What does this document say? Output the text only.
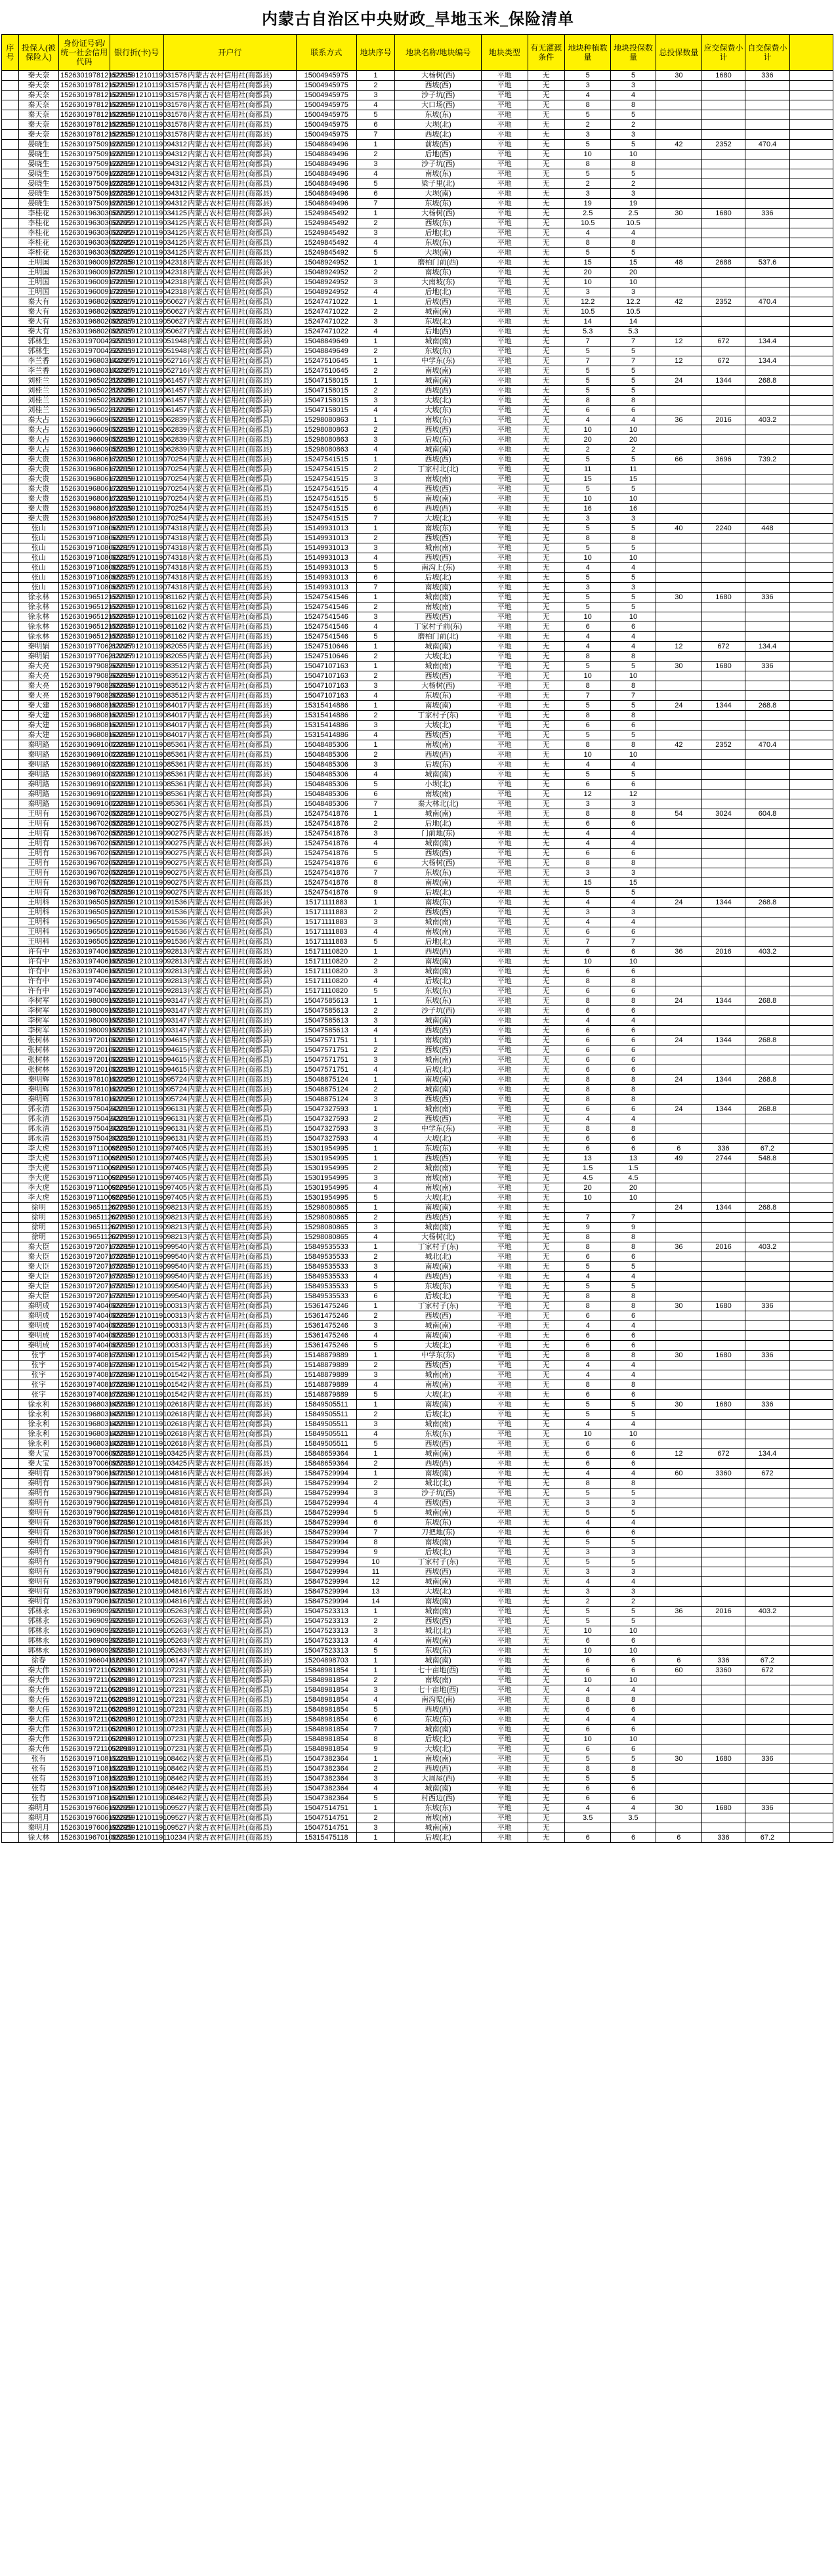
内蒙古自治区中央财政_旱地玉米_保险清单
序号	投保人(被保险人)	身份证号码/统一社会信用代码	银行折(卡)号	开户行	联系方式	地块序号	地块名称/地块编号	地块类型	有无灌溉条件	地块种植数量	地块投保数量	总投保数量	应交保费小计	自交保费小计	
	秦天奈	152630197812152815	6229591210119031578	内蒙古农村信用社(商都县)	15004945975	1	大杨树(西)	平地	无	5	5	30	1680	336	
	秦天奈	152630197812152815	6229591210119031578	内蒙古农村信用社(商都县)	15004945975	2	西坡(西)	平地	无	3	3				
	秦天奈	152630197812152815	6229591210119031578	内蒙古农村信用社(商都县)	15004945975	3	沙子坑(西)	平地	无	4	4				
	秦天奈	152630197812152815	6229591210119031578	内蒙古农村信用社(商都县)	15004945975	4	大口场(西)	平地	无	8	8				
	秦天奈	152630197812152815	6229591210119031578	内蒙古农村信用社(商都县)	15004945975	5	东坡(东)	平地	无	5	5				
	秦天奈	152630197812152815	6229591210119031578	内蒙古农村信用社(商都县)	15004945975	6	大坝(北)	平地	无	2	2				
	秦天奈	152630197812152815	6229591210119031578	内蒙古农村信用社(商都县)	15004945975	7	西坡(北)	平地	无	3	3				
	晏晓生	152630197509126013	6229591210119094312	内蒙古农村信用社(商都县)	15048849496	1	前坡(西)	平地	无	5	5	42	2352	470.4	
	晏晓生	152630197509126013	6229591210119094312	内蒙古农村信用社(商都县)	15048849496	2	后地(西)	平地	无	10	10				
	晏晓生	152630197509126013	6229591210119094312	内蒙古农村信用社(商都县)	15048849496	3	沙子坑(西)	平地	无	8	8				
	晏晓生	152630197509126013	6229591210119094312	内蒙古农村信用社(商都县)	15048849496	4	南坡(东)	平地	无	5	5				
	晏晓生	152630197509126013	6229591210119094312	内蒙古农村信用社(商都县)	15048849496	5	梁子里(北)	平地	无	2	2				
	晏晓生	152630197509126013	6229591210119094312	内蒙古农村信用社(商都县)	15048849496	6	大坝(南)	平地	无	3	3				
	晏晓生	152630197509126013	6229591210119094312	内蒙古农村信用社(商都县)	15048849496	7	东坡(东)	平地	无	19	19				
	李桂花	152630196303056022	6229591210119034125	内蒙古农村信用社(商都县)	15249845492	1	大杨树(西)	平地	无	2.5	2.5	30	1680	336	
	李桂花	152630196303056022	6229591210119034125	内蒙古农村信用社(商都县)	15249845492	2	西坡(东)	平地	无	10.5	10.5				
	李桂花	152630196303056022	6229591210119034125	内蒙古农村信用社(商都县)	15249845492	3	后地(北)	平地	无	4	4				
	李桂花	152630196303056022	6229591210119034125	内蒙古农村信用社(商都县)	15249845492	4	东坡(东)	平地	无	8	8				
	李桂花	152630196303056022	6229591210119034125	内蒙古农村信用社(商都县)	15249845492	5	大坝(南)	平地	无	5	5				
	王明国	152630196009172015	6229591210119042318	内蒙古农村信用社(商都县)	15048924952	1	磨柏门前(西)	平地	无	15	15	48	2688	537.6	
	王明国	152630196009172015	6229591210119042318	内蒙古农村信用社(商都县)	15048924952	2	南坡(东)	平地	无	20	20				
	王明国	152630196009172015	6229591210119042318	内蒙古农村信用社(商都县)	15048924952	3	大南坡(东)	平地	无	10	10				
	王明国	152630196009172015	6229591210119042318	内蒙古农村信用社(商都县)	15048924952	4	后地(北)	平地	无	3	3				
	秦大有	152630196802098017	6229591210119050627	内蒙古农村信用社(商都县)	15247471022	1	后坡(西)	平地	无	12.2	12.2	42	2352	470.4	
	秦大有	152630196802098017	6229591210119050627	内蒙古农村信用社(商都县)	15247471022	2	城南(南)	平地	无	10.5	10.5				
	秦大有	152630196802098017	6229591210119050627	内蒙古农村信用社(商都县)	15247471022	3	东坡(北)	平地	无	14	14				
	秦大有	152630196802098017	6229591210119050627	内蒙古农村信用社(商都县)	15247471022	4	后地(西)	平地	无	5.3	5.3				
	郭林生	152630197004235011	6229591210119051948	内蒙古农村信用社(商都县)	15048849649	1	城南(南)	平地	无	7	7	12	672	134.4	
	郭林生	152630197004235011	6229591210119051948	内蒙古农村信用社(商都县)	15048849649	2	东坡(东)	平地	无	5	5				
	李兰香	152630196803144027	6229591210119052716	内蒙古农村信用社(商都县)	15247510645	1	中学东(东)	平地	无	7	7	12	672	134.4	
	李兰香	152630196803144027	6229591210119052716	内蒙古农村信用社(商都县)	15247510645	2	南坡(南)	平地	无	5	5				
	刘桂兰	152630196502216026	6229591210119061457	内蒙古农村信用社(商都县)	15047158015	1	城南(南)	平地	无	5	5	24	1344	268.8	
	刘桂兰	152630196502216026	6229591210119061457	内蒙古农村信用社(商都县)	15047158015	2	西坡(西)	平地	无	5	5				
	刘桂兰	152630196502216026	6229591210119061457	内蒙古农村信用社(商都县)	15047158015	3	大坡(北)	平地	无	8	8				
	刘桂兰	152630196502216026	6229591210119061457	内蒙古农村信用社(商都县)	15047158015	4	大坡(东)	平地	无	6	6				
	秦大占	152630196609055018	6229591210119062839	内蒙古农村信用社(商都县)	15298080863	1	南坡(东)	平地	无	4	4	36	2016	403.2	
	秦大占	152630196609055018	6229591210119062839	内蒙古农村信用社(商都县)	15298080863	2	西坡(西)	平地	无	10	10				
	秦大占	152630196609055018	6229591210119062839	内蒙古农村信用社(商都县)	15298080863	3	后坡(东)	平地	无	20	20				
	秦大占	152630196609055018	6229591210119062839	内蒙古农村信用社(商都县)	15298080863	4	城南(南)	平地	无	2	2				
	秦大贵	152630196806173019	6229591210119070254	内蒙古农村信用社(商都县)	15247541515	1	西坡(西)	平地	无	5	5	66	3696	739.2	
	秦大贵	152630196806173019	6229591210119070254	内蒙古农村信用社(商都县)	15247541515	2	丁家村北(北)	平地	无	11	11				
	秦大贵	152630196806173019	6229591210119070254	内蒙古农村信用社(商都县)	15247541515	3	南坡(南)	平地	无	15	15				
	秦大贵	152630196806173019	6229591210119070254	内蒙古农村信用社(商都县)	15247541515	4	西坡(西)	平地	无	5	5				
	秦大贵	152630196806173019	6229591210119070254	内蒙古农村信用社(商都县)	15247541515	5	南坡(南)	平地	无	10	10				
	秦大贵	152630196806173019	6229591210119070254	内蒙古农村信用社(商都县)	15247541515	6	西坡(西)	平地	无	16	16				
	秦大贵	152630196806173019	6229591210119070254	内蒙古农村信用社(商都县)	15247541515	7	大坡(北)	平地	无	3	3				
	张山	152630197108065017	6229591210119074318	内蒙古农村信用社(商都县)	15149931013	1	南坡(东)	平地	无	5	5	40	2240	448	
	张山	152630197108065017	6229591210119074318	内蒙古农村信用社(商都县)	15149931013	2	西坡(西)	平地	无	8	8				
	张山	152630197108065017	6229591210119074318	内蒙古农村信用社(商都县)	15149931013	3	城南(南)	平地	无	5	5				
	张山	152630197108065017	6229591210119074318	内蒙古农村信用社(商都县)	15149931013	4	西坡(西)	平地	无	10	10				
	张山	152630197108065017	6229591210119074318	内蒙古农村信用社(商都县)	15149931013	5	南沟上(东)	平地	无	4	4				
	张山	152630197108065017	6229591210119074318	内蒙古农村信用社(商都县)	15149931013	6	后坡(北)	平地	无	5	5				
	张山	152630197108065017	6229591210119074318	内蒙古农村信用社(商都县)	15149931013	7	南坡(南)	平地	无	3	3				
	徐永林	152630196512155010	6229591210119081162	内蒙古农村信用社(商都县)	15247541546	1	城南(南)	平地	无	5	5	30	1680	336	
	徐永林	152630196512155010	6229591210119081162	内蒙古农村信用社(商都县)	15247541546	2	南坡(南)	平地	无	5	5				
	徐永林	152630196512155010	6229591210119081162	内蒙古农村信用社(商都县)	15247541546	3	西坡(西)	平地	无	10	10				
	徐永林	152630196512155010	6229591210119081162	内蒙古农村信用社(商都县)	15247541546	4	丁家村子前(东)	平地	无	6	6				
	徐永林	152630196512155010	6229591210119081162	内蒙古农村信用社(商都县)	15247541546	5	磨柏门前(北)	平地	无	4	4				
	秦明娟	152630197706213027	6229591210119082055	内蒙古农村信用社(商都县)	15247510646	1	城南(南)	平地	无	4	4	12	672	134.4	
	秦明娟	152630197706213027	6229591210119082055	内蒙古农村信用社(商都县)	15247510646	2	大坡(北)	平地	无	8	8				
	秦大亮	152630197908265019	6229591210119083512	内蒙古农村信用社(商都县)	15047107163	1	城南(南)	平地	无	5	5	30	1680	336	
	秦大亮	152630197908265019	6229591210119083512	内蒙古农村信用社(商都县)	15047107163	2	西坡(西)	平地	无	10	10				
	秦大亮	152630197908265019	6229591210119083512	内蒙古农村信用社(商都县)	15047107163	3	大杨树(西)	平地	无	8	8				
	秦大亮	152630197908265019	6229591210119083512	内蒙古农村信用社(商都县)	15047107163	4	东坡(东)	平地	无	7	7				
	秦大建	152630196808163015	6229591210119084017	内蒙古农村信用社(商都县)	15315414886	1	南坡(南)	平地	无	5	5	24	1344	268.8	
	秦大建	152630196808163015	6229591210119084017	内蒙古农村信用社(商都县)	15315414886	2	丁家村子(东)	平地	无	8	8				
	秦大建	152630196808163015	6229591210119084017	内蒙古农村信用社(商都县)	15315414886	3	大坡(北)	平地	无	6	6				
	秦大建	152630196808163015	6229591210119084017	内蒙古农村信用社(商都县)	15315414886	4	西坡(西)	平地	无	5	5				
	秦明路	152630196910023018	6229591210119085361	内蒙古农村信用社(商都县)	15048485306	1	南坡(南)	平地	无	8	8	42	2352	470.4	
	秦明路	152630196910023018	6229591210119085361	内蒙古农村信用社(商都县)	15048485306	2	西坡(西)	平地	无	10	10				
	秦明路	152630196910023018	6229591210119085361	内蒙古农村信用社(商都县)	15048485306	3	后坡(东)	平地	无	4	4				
	秦明路	152630196910023018	6229591210119085361	内蒙古农村信用社(商都县)	15048485306	4	城南(南)	平地	无	5	5				
	秦明路	152630196910023018	6229591210119085361	内蒙古农村信用社(商都县)	15048485306	5	小坝(北)	平地	无	6	6				
	秦明路	152630196910023018	6229591210119085361	内蒙古农村信用社(商都县)	15048485306	6	南坡(南)	平地	无	12	12				
	秦明路	152630196910023018	6229591210119085361	内蒙古农村信用社(商都县)	15048485306	7	秦大林北(北)	平地	无	3	3				
	王明有	152630196702055013	6229591210119090275	内蒙古农村信用社(商都县)	15247541876	1	城南(南)	平地	无	8	8	54	3024	604.8	
	王明有	152630196702055013	6229591210119090275	内蒙古农村信用社(商都县)	15247541876	2	后地(北)	平地	无	6	6				
	王明有	152630196702055013	6229591210119090275	内蒙古农村信用社(商都县)	15247541876	3	门前地(东)	平地	无	4	4				
	王明有	152630196702055013	6229591210119090275	内蒙古农村信用社(商都县)	15247541876	4	城南(南)	平地	无	4	4				
	王明有	152630196702055013	6229591210119090275	内蒙古农村信用社(商都县)	15247541876	5	西坡(西)	平地	无	6	6				
	王明有	152630196702055013	6229591210119090275	内蒙古农村信用社(商都县)	15247541876	6	大杨树(西)	平地	无	8	8				
	王明有	152630196702055013	6229591210119090275	内蒙古农村信用社(商都县)	15247541876	7	东坡(东)	平地	无	3	3				
	王明有	152630196702055013	6229591210119090275	内蒙古农村信用社(商都县)	15247541876	8	南坡(南)	平地	无	15	15				
	王明有	152630196702055013	6229591210119090275	内蒙古农村信用社(商都县)	15247541876	9	后坡(北)	平地	无	5	5				
	王明科	152630196505125013	6229591210119091536	内蒙古农村信用社(商都县)	15171111883	1	南坡(东)	平地	无	4	4	24	1344	268.8	
	王明科	152630196505125013	6229591210119091536	内蒙古农村信用社(商都县)	15171111883	2	西坡(西)	平地	无	3	3				
	王明科	152630196505125013	6229591210119091536	内蒙古农村信用社(商都县)	15171111883	3	城南(南)	平地	无	4	4				
	王明科	152630196505125013	6229591210119091536	内蒙古农村信用社(商都县)	15171111883	4	南坡(南)	平地	无	6	6				
	王明科	152630196505125013	6229591210119091536	内蒙古农村信用社(商都县)	15171111883	5	后地(北)	平地	无	7	7				
	许有中	152630197406185013	6229591210119092813	内蒙古农村信用社(商都县)	15171110820	1	西坡(西)	平地	无	6	6	36	2016	403.2	
	许有中	152630197406185013	6229591210119092813	内蒙古农村信用社(商都县)	15171110820	2	南坡(南)	平地	无	10	10				
	许有中	152630197406185013	6229591210119092813	内蒙古农村信用社(商都县)	15171110820	3	城南(南)	平地	无	6	6				
	许有中	152630197406185013	6229591210119092813	内蒙古农村信用社(商都县)	15171110820	4	后坡(北)	平地	无	8	8				
	许有中	152630197406185013	6229591210119092813	内蒙古农村信用社(商都县)	15171110820	5	东坡(东)	平地	无	6	6				
	李树军	152630198009195010	6229591210119093147	内蒙古农村信用社(商都县)	15047585613	1	东坡(东)	平地	无	8	8	24	1344	268.8	
	李树军	152630198009195010	6229591210119093147	内蒙古农村信用社(商都县)	15047585613	2	沙子坑(西)	平地	无	6	6				
	李树军	152630198009195010	6229591210119093147	内蒙古农村信用社(商都县)	15047585613	3	城南(南)	平地	无	4	4				
	李树军	152630198009195010	6229591210119093147	内蒙古农村信用社(商都县)	15047585613	4	西坡(西)	平地	无	6	6				
	张树林	152630197201083016	6229591210119094615	内蒙古农村信用社(商都县)	15047571751	1	南坡(南)	平地	无	6	6	24	1344	268.8	
	张树林	152630197201083016	6229591210119094615	内蒙古农村信用社(商都县)	15047571751	2	西坡(西)	平地	无	6	6				
	张树林	152630197201083016	6229591210119094615	内蒙古农村信用社(商都县)	15047571751	3	城南(南)	平地	无	6	6				
	张树林	152630197201083016	6229591210119094615	内蒙古农村信用社(商都县)	15047571751	4	后坡(北)	平地	无	6	6				
	秦明辉	152630197810183023	6229591210119095724	内蒙古农村信用社(商都县)	15048875124	1	南坡(南)	平地	无	8	8	24	1344	268.8	
	秦明辉	152630197810183023	6229591210119095724	内蒙古农村信用社(商都县)	15048875124	2	城南(南)	平地	无	8	8				
	秦明辉	152630197810183023	6229591210119095724	内蒙古农村信用社(商都县)	15048875124	3	西坡(西)	平地	无	8	8				
	郭永清	152630197504243013	6229591210119096131	内蒙古农村信用社(商都县)	15047327593	1	城南(南)	平地	无	6	6	24	1344	268.8	
	郭永清	152630197504243013	6229591210119096131	内蒙古农村信用社(商都县)	15047327593	2	西坡(西)	平地	无	4	4				
	郭永清	152630197504243013	6229591210119096131	内蒙古农村信用社(商都县)	15047327593	3	中学东(东)	平地	无	8	8				
	郭永清	152630197504243013	6229591210119096131	内蒙古农村信用社(商都县)	15047327593	4	大坡(北)	平地	无	6	6				
	李大虎	152630197110095015	6229591210119097405	内蒙古农村信用社(商都县)	15301954995	1	东坡(东)	平地	无	6	6	6	336	67.2	
	李大虎	152630197110095015	6229591210119097405	内蒙古农村信用社(商都县)	15301954995	1	西坡(西)	平地	无	13	13	49	2744	548.8	
	李大虎	152630197110095015	6229591210119097405	内蒙古农村信用社(商都县)	15301954995	2	城南(南)	平地	无	1.5	1.5				
	李大虎	152630197110095015	6229591210119097405	内蒙古农村信用社(商都县)	15301954995	3	南坡(南)	平地	无	4.5	4.5				
	李大虎	152630197110095015	6229591210119097405	内蒙古农村信用社(商都县)	15301954995	4	南坡(南)	平地	无	20	20				
	李大虎	152630197110095015	6229591210119097405	内蒙古农村信用社(商都县)	15301954995	5	大坡(北)	平地	无	10	10				
	徐明	152630196511207013	6229591210119098213	内蒙古农村信用社(商都县)	15298080865	1	南坡(南)	平地	无			24	1344	268.8	
	徐明	152630196511207013	6229591210119098213	内蒙古农村信用社(商都县)	15298080865	2	西坡(西)	平地	无	7	7				
	徐明	152630196511207013	6229591210119098213	内蒙古农村信用社(商都县)	15298080865	3	城南(南)	平地	无	9	9				
	徐明	152630196511207013	6229591210119098213	内蒙古农村信用社(商都县)	15298080865	4	大杨树(北)	平地	无	8	8				
	秦大臣	152630197207175015	6229591210119099540	内蒙古农村信用社(商都县)	15849535533	1	丁家村子(东)	平地	无	8	8	36	2016	403.2	
	秦大臣	152630197207175015	6229591210119099540	内蒙古农村信用社(商都县)	15849535533	2	城北(北)	平地	无	6	6				
	秦大臣	152630197207175015	6229591210119099540	内蒙古农村信用社(商都县)	15849535533	3	南坡(南)	平地	无	5	5				
	秦大臣	152630197207175015	6229591210119099540	内蒙古农村信用社(商都县)	15849535533	4	西坡(西)	平地	无	4	4				
	秦大臣	152630197207175015	6229591210119099540	内蒙古农村信用社(商都县)	15849535533	5	东坡(东)	平地	无	5	5				
	秦大臣	152630197207175015	6229591210119099540	内蒙古农村信用社(商都县)	15849535533	6	后坡(北)	平地	无	8	8				
	秦明成	152630197404085013	6229591210119100313	内蒙古农村信用社(商都县)	15361475246	1	丁家村子(东)	平地	无	8	8	30	1680	336	
	秦明成	152630197404085013	6229591210119100313	内蒙古农村信用社(商都县)	15361475246	2	西坡(西)	平地	无	6	6				
	秦明成	152630197404085013	6229591210119100313	内蒙古农村信用社(商都县)	15361475246	3	城南(南)	平地	无	4	4				
	秦明成	152630197404085013	6229591210119100313	内蒙古农村信用社(商都县)	15361475246	4	南坡(南)	平地	无	6	6				
	秦明成	152630197404085013	6229591210119100313	内蒙古农村信用社(商都县)	15361475246	5	大坡(北)	平地	无	6	6				
	张宇	152630197408175014	6229591210119101542	内蒙古农村信用社(商都县)	15148879889	1	中学东(东)	平地	无	8	8	30	1680	336	
	张宇	152630197408175014	6229591210119101542	内蒙古农村信用社(商都县)	15148879889	2	西坡(西)	平地	无	4	4				
	张宇	152630197408175014	6229591210119101542	内蒙古农村信用社(商都县)	15148879889	3	城南(南)	平地	无	4	4				
	张宇	152630197408175014	6229591210119101542	内蒙古农村信用社(商都县)	15148879889	4	南坡(南)	平地	无	8	8				
	张宇	152630197408175014	6229591210119101542	内蒙古农村信用社(商都县)	15148879889	5	大坡(北)	平地	无	6	6				
	徐永利	152630196803145016	6229591210119102618	内蒙古农村信用社(商都县)	15849505511	1	南坡(南)	平地	无	5	5	30	1680	336	
	徐永利	152630196803145016	6229591210119102618	内蒙古农村信用社(商都县)	15849505511	2	后坡(北)	平地	无	5	5				
	徐永利	152630196803145016	6229591210119102618	内蒙古农村信用社(商都县)	15849505511	3	城南(南)	平地	无	4	4				
	徐永利	152630196803145016	6229591210119102618	内蒙古农村信用社(商都县)	15849505511	4	东坡(东)	平地	无	10	10				
	徐永利	152630196803145016	6229591210119102618	内蒙古农村信用社(商都县)	15849505511	5	西坡(西)	平地	无	6	6				
	秦大宝	152630197006095010	6229591210119103425	内蒙古农村信用社(商都县)	15848659364	1	城南(南)	平地	无	6	6	12	672	134.4	
	秦大宝	152630197006095010	6229591210119103425	内蒙古农村信用社(商都县)	15848659364	2	西坡(西)	平地	无	6	6				
	秦明有	152630197906107019	6229591210119104816	内蒙古农村信用社(商都县)	15847529994	1	南坡(南)	平地	无	4	4	60	3360	672	
	秦明有	152630197906107019	6229591210119104816	内蒙古农村信用社(商都县)	15847529994	2	城北(北)	平地	无	8	8				
	秦明有	152630197906107019	6229591210119104816	内蒙古农村信用社(商都县)	15847529994	3	沙子坑(西)	平地	无	5	5				
	秦明有	152630197906107019	6229591210119104816	内蒙古农村信用社(商都县)	15847529994	4	西坡(西)	平地	无	3	3				
	秦明有	152630197906107019	6229591210119104816	内蒙古农村信用社(商都县)	15847529994	5	城南(南)	平地	无	5	5				
	秦明有	152630197906107019	6229591210119104816	内蒙古农村信用社(商都县)	15847529994	6	东坡(东)	平地	无	4	4				
	秦明有	152630197906107019	6229591210119104816	内蒙古农村信用社(商都县)	15847529994	7	刀把地(东)	平地	无	6	6				
	秦明有	152630197906107019	6229591210119104816	内蒙古农村信用社(商都县)	15847529994	8	南坡(南)	平地	无	5	5				
	秦明有	152630197906107019	6229591210119104816	内蒙古农村信用社(商都县)	15847529994	9	后坡(北)	平地	无	3	3				
	秦明有	152630197906107019	6229591210119104816	内蒙古农村信用社(商都县)	15847529994	10	丁家村子(东)	平地	无	5	5				
	秦明有	152630197906107019	6229591210119104816	内蒙古农村信用社(商都县)	15847529994	11	西坡(西)	平地	无	3	3				
	秦明有	152630197906107019	6229591210119104816	内蒙古农村信用社(商都县)	15847529994	12	城南(南)	平地	无	4	4				
	秦明有	152630197906107019	6229591210119104816	内蒙古农村信用社(商都县)	15847529994	13	大坡(北)	平地	无	3	3				
	秦明有	152630197906107019	6229591210119104816	内蒙古农村信用社(商都县)	15847529994	14	南坡(南)	平地	无	2	2				
	郭林永	152630196909205010	6229591210119105263	内蒙古农村信用社(商都县)	15047523313	1	城南(南)	平地	无	5	5	36	2016	403.2	
	郭林永	152630196909205010	6229591210119105263	内蒙古农村信用社(商都县)	15047523313	2	西坡(西)	平地	无	5	5				
	郭林永	152630196909205010	6229591210119105263	内蒙古农村信用社(商都县)	15047523313	3	城北(北)	平地	无	10	10				
	郭林永	152630196909205010	6229591210119105263	内蒙古农村信用社(商都县)	15047523313	4	南坡(南)	平地	无	6	6				
	郭林永	152630196909205010	6229591210119105263	内蒙古农村信用社(商都县)	15047523313	5	东坡(东)	平地	无	10	10				
	徐春	152630196604116013	6229591210119106147	内蒙古农村信用社(商都县)	15204898703	1	城南(南)	平地	无	6	6	6	336	67.2	
	秦大伟	152630197211053014	6229591210119107231	内蒙古农村信用社(商都县)	15848981854	1	七十亩地(西)	平地	无	6	6	60	3360	672	
	秦大伟	152630197211053014	6229591210119107231	内蒙古农村信用社(商都县)	15848981854	2	南坡(南)	平地	无	10	10				
	秦大伟	152630197211053014	6229591210119107231	内蒙古农村信用社(商都县)	15848981854	3	七十亩地(西)	平地	无	4	4				
	秦大伟	152630197211053014	6229591210119107231	内蒙古农村信用社(商都县)	15848981854	4	南沟渠(南)	平地	无	8	8				
	秦大伟	152630197211053014	6229591210119107231	内蒙古农村信用社(商都县)	15848981854	5	西坡(西)	平地	无	6	6				
	秦大伟	152630197211053014	6229591210119107231	内蒙古农村信用社(商都县)	15848981854	6	东坡(东)	平地	无	4	4				
	秦大伟	152630197211053014	6229591210119107231	内蒙古农村信用社(商都县)	15848981854	7	城南(南)	平地	无	6	6				
	秦大伟	152630197211053014	6229591210119107231	内蒙古农村信用社(商都县)	15848981854	8	后坡(北)	平地	无	10	10				
	秦大伟	152630197211053014	6229591210119107231	内蒙古农村信用社(商都县)	15848981854	9	大坡(北)	平地	无	6	6				
	张有	152630197108154016	6229591210119108462	内蒙古农村信用社(商都县)	15047382364	1	南坡(南)	平地	无	5	5	30	1680	336	
	张有	152630197108154016	6229591210119108462	内蒙古农村信用社(商都县)	15047382364	2	西坡(西)	平地	无	8	8				
	张有	152630197108154016	6229591210119108462	内蒙古农村信用社(商都县)	15047382364	3	大周屋(西)	平地	无	5	5				
	张有	152630197108154016	6229591210119108462	内蒙古农村信用社(商都县)	15047382364	4	城南(南)	平地	无	6	6				
	张有	152630197108154016	6229591210119108462	内蒙古农村信用社(商都县)	15047382364	5	村西边(西)	平地	无	6	6				
	秦明月	152630197606195028	6229591210119109527	内蒙古农村信用社(商都县)	15047514751	1	东坡(东)	平地	无	4	4	30	1680	336	
	秦明月	152630197606195028	6229591210119109527	内蒙古农村信用社(商都县)	15047514751	2	南坡(南)	平地	无	3.5	3.5				
	秦明月	152630197606195028	6229591210119109527	内蒙古农村信用社(商都县)	15047514751	3	城南(南)	平地	无						
	徐大林	152630196701085013	6229591210119110234	内蒙古农村信用社(商都县)	15315475118	1	后坡(北)	平地	无	6	6	6	336	67.2	
